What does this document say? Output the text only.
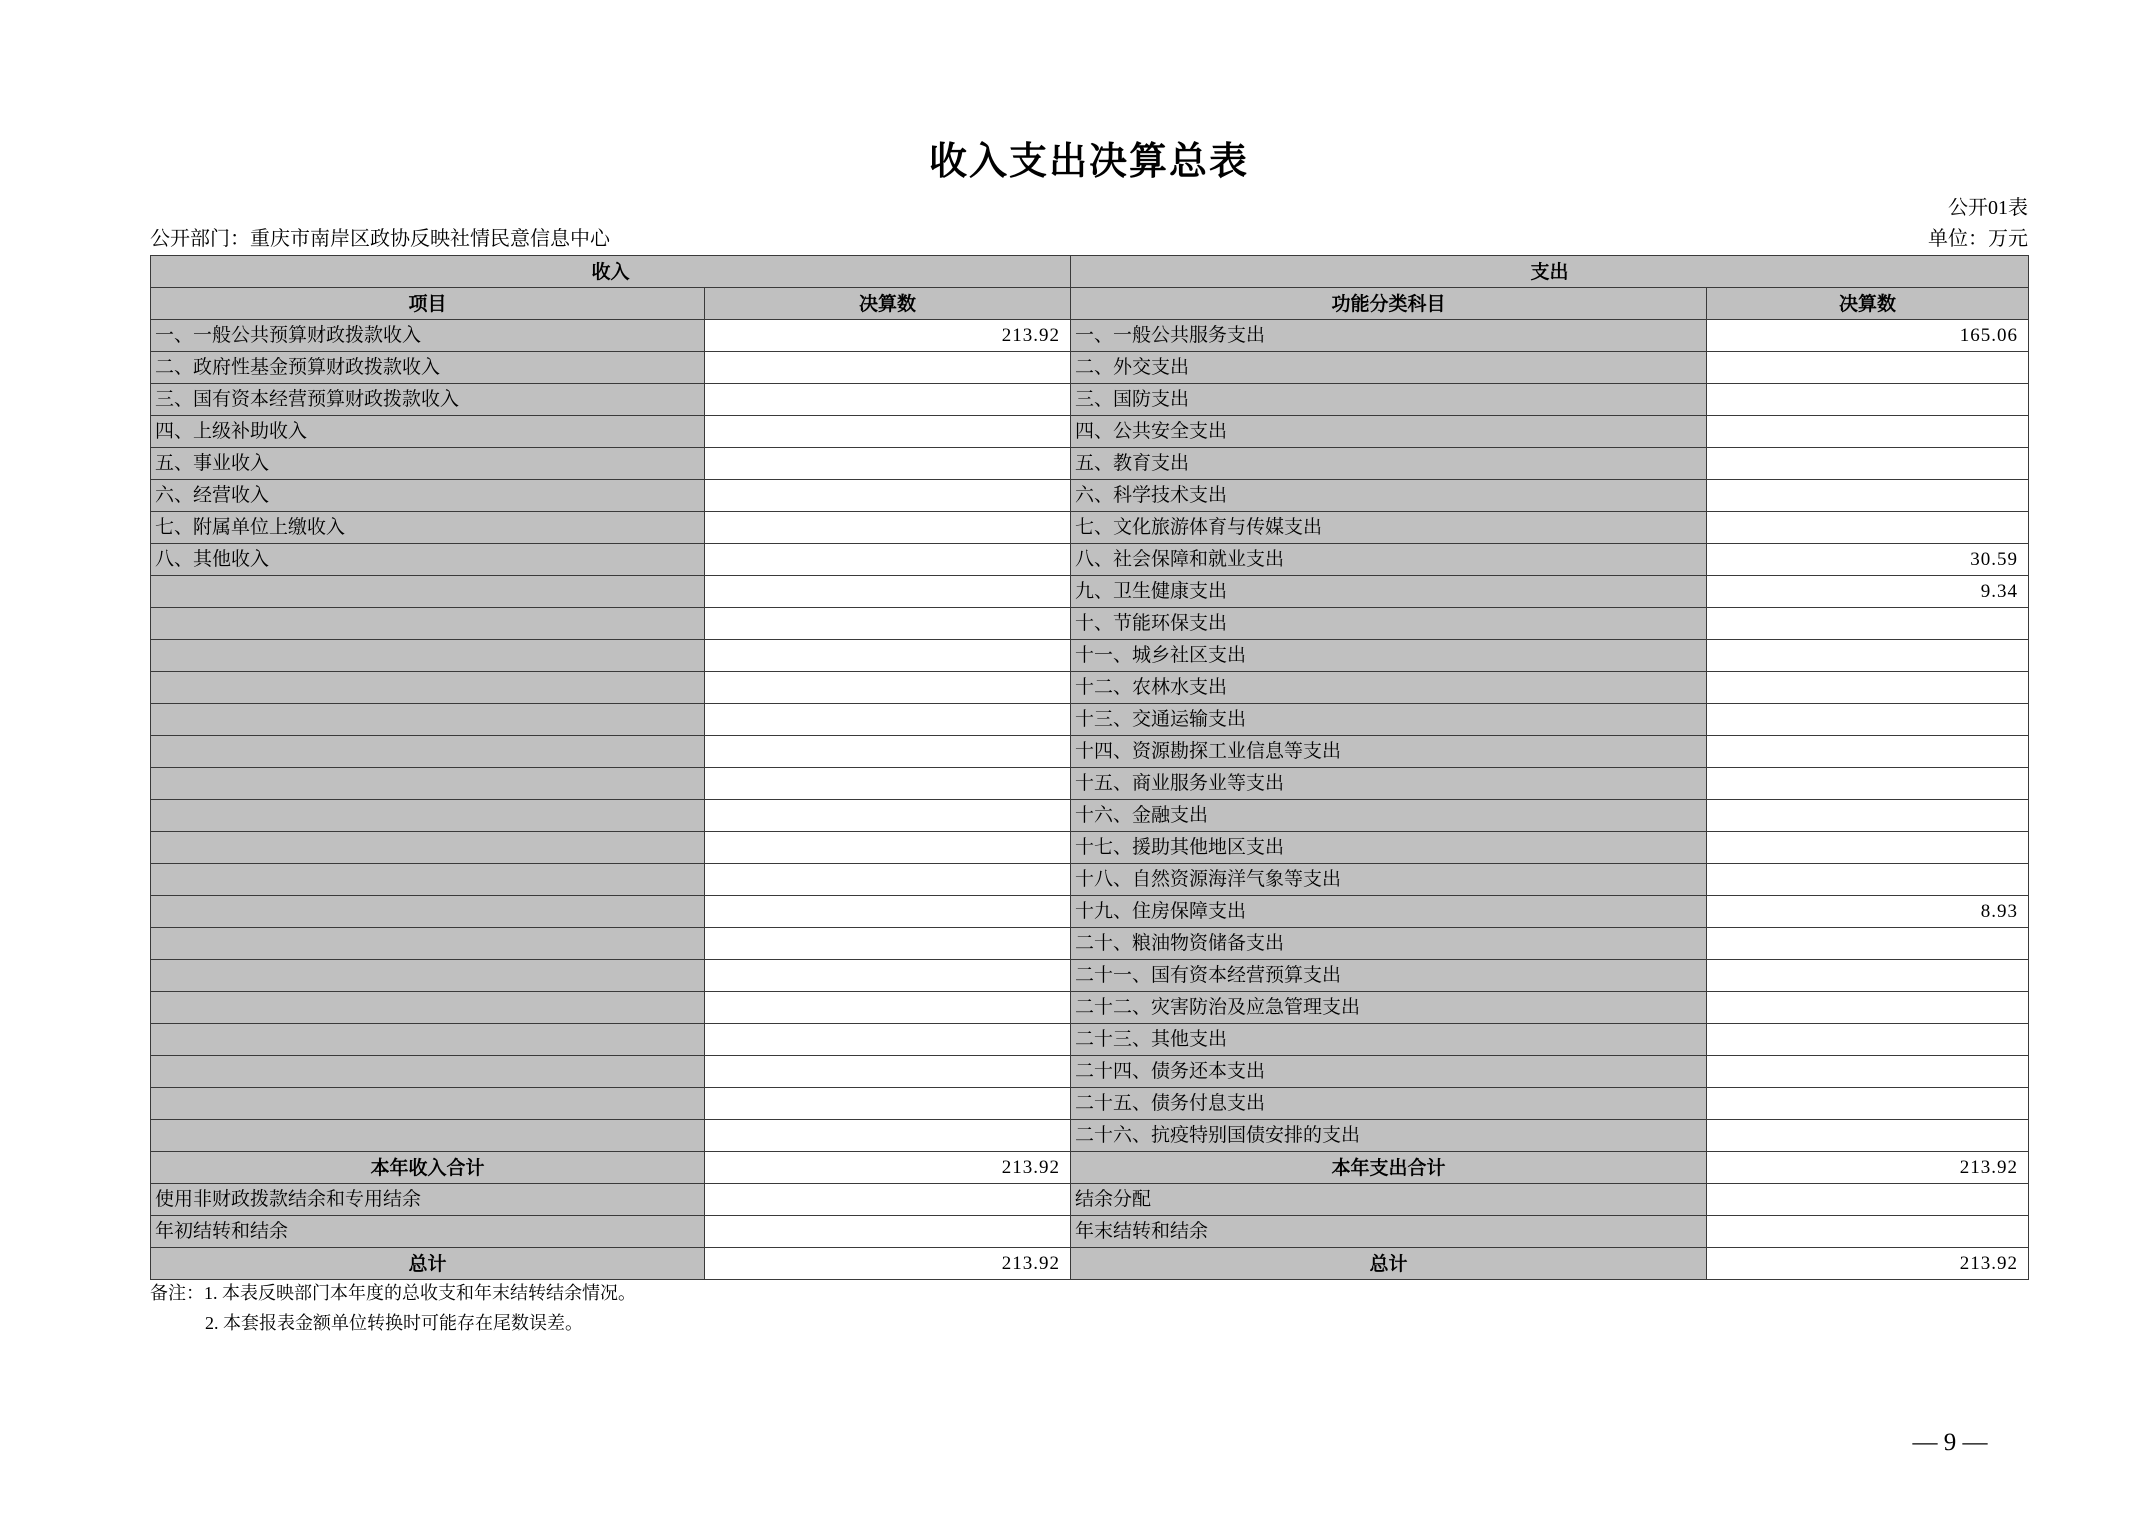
收入支出决算总表
公开01表
公开部门：重庆市南岸区政协反映社情民意信息中心	单位：万元
收入		支出	
项目	决算数	功能分类科目	决算数
一、一般公共预算财政拨款收入	213.92	一、一般公共服务支出	165.06
二、政府性基金预算财政拨款收入		二、外交支出	
三、国有资本经营预算财政拨款收入		三、国防支出	
四、上级补助收入		四、公共安全支出	
五、事业收入		五、教育支出	
六、经营收入		六、科学技术支出	
七、附属单位上缴收入		七、文化旅游体育与传媒支出	
八、其他收入		八、社会保障和就业支出	30.59
		九、卫生健康支出	9.34
		十、节能环保支出	
		十一、城乡社区支出	
		十二、农林水支出	
		十三、交通运输支出	
		十四、资源勘探工业信息等支出	
		十五、商业服务业等支出	
		十六、金融支出	
		十七、援助其他地区支出	
		十八、自然资源海洋气象等支出	
		十九、住房保障支出	8.93
		二十、粮油物资储备支出	
		二十一、国有资本经营预算支出	
		二十二、灾害防治及应急管理支出	
		二十三、其他支出	
		二十四、债务还本支出	
		二十五、债务付息支出	
		二十六、抗疫特别国债安排的支出	
本年收入合计	213.92	本年支出合计	213.92
使用非财政拨款结余和专用结余		结余分配	
年初结转和结余		年末结转和结余	
总计	213.92	总计	213.92
备注：1. 本表反映部门本年度的总收支和年末结转结余情况。
2. 本套报表金额单位转换时可能存在尾数误差。
— 9 —
